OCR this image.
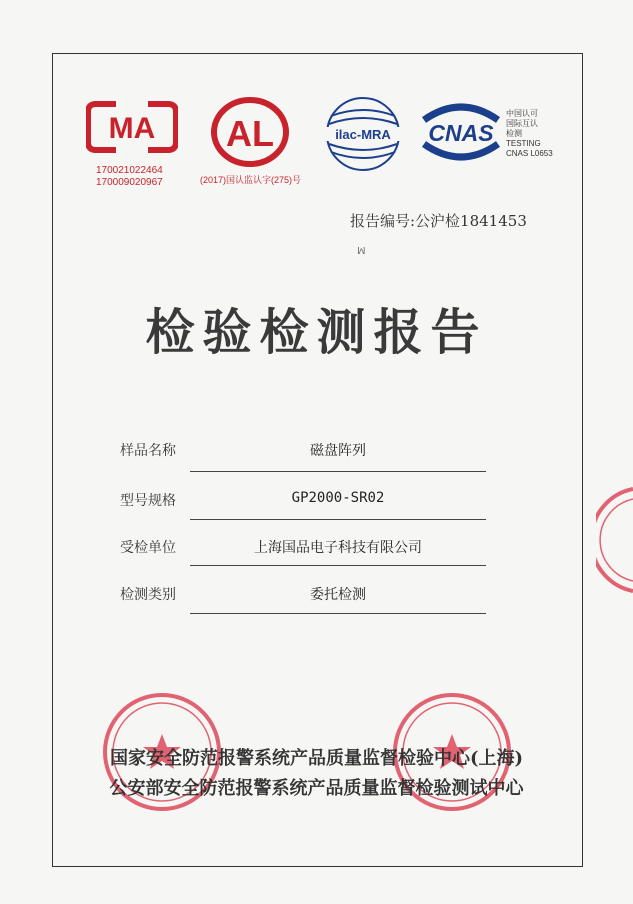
MA
170021022464
170009020967
AL
(2017)国认监认字(275)号
ilac-MRA CNAS
中国认可
国际互认
检测
TESTING
CNAS L0653
报告编号:公沪检1841453
ꟽ
检验检测报告
样品名称	磁盘阵列
型号规格	GP2000-SR02
受检单位	上海国品电子科技有限公司
检测类别	委托检测
国家安全防范报警系统产品质量监督检验中心(上海)
公安部安全防范报警系统产品质量监督检验测试中心
